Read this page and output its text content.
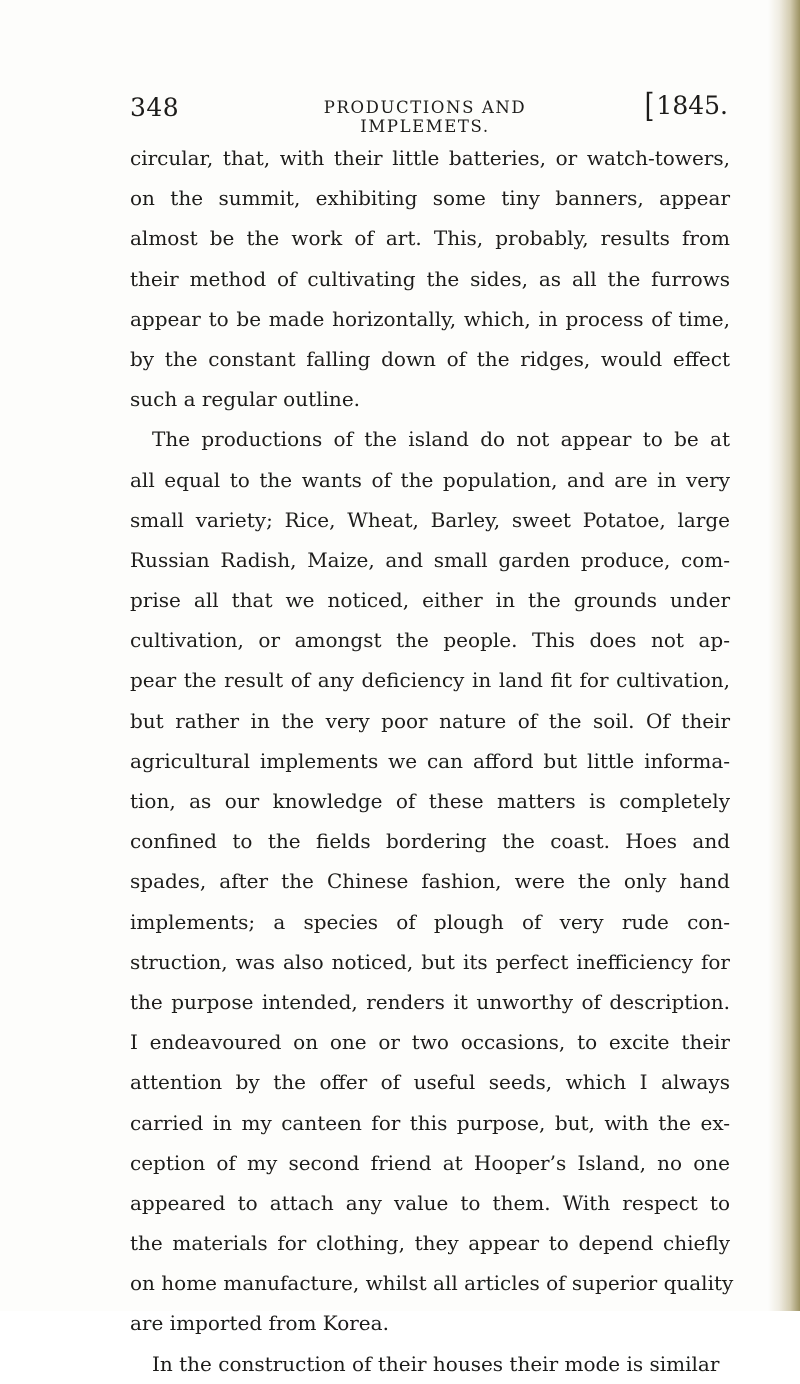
348	PRODUCTIONS AND IMPLEMETS.
[1845.
circular, that, with their little batteries, or watch-towers,
on the summit, exhibiting some tiny banners, appear
almost be the work of art. This, probably, results from
their method of cultivating the sides, as all the furrows
appear to be made horizontally, which, in process of time,
by the constant falling down of the ridges, would effect
such a regular outline.
The productions of the island do not appear to be at
all equal to the wants of the population, and are in very
small variety; Rice, Wheat, Barley, sweet Potatoe, large
Russian Radish, Maize, and small garden produce, com-
prise all that we noticed, either in the grounds under
cultivation, or amongst the people. This does not ap-
pear the result of any deficiency in land fit for cultivation,
but rather in the very poor nature of the soil. Of their
agricultural implements we can afford but little informa-
tion, as our knowledge of these matters is completely
confined to the fields bordering the coast. Hoes and
spades, after the Chinese fashion, were the only hand
implements; a species of plough of very rude con-
struction, was also noticed, but its perfect inefficiency for
the purpose intended, renders it unworthy of description.
I endeavoured on one or two occasions, to excite their
attention by the offer of useful seeds, which I always
carried in my canteen for this purpose, but, with the ex-
ception of my second friend at Hooper’s Island, no one
appeared to attach any value to them. With respect to
the materials for clothing, they appear to depend chiefly
on home manufacture, whilst all articles of superior quality
are imported from Korea.
In the construction of their houses their mode is similar
